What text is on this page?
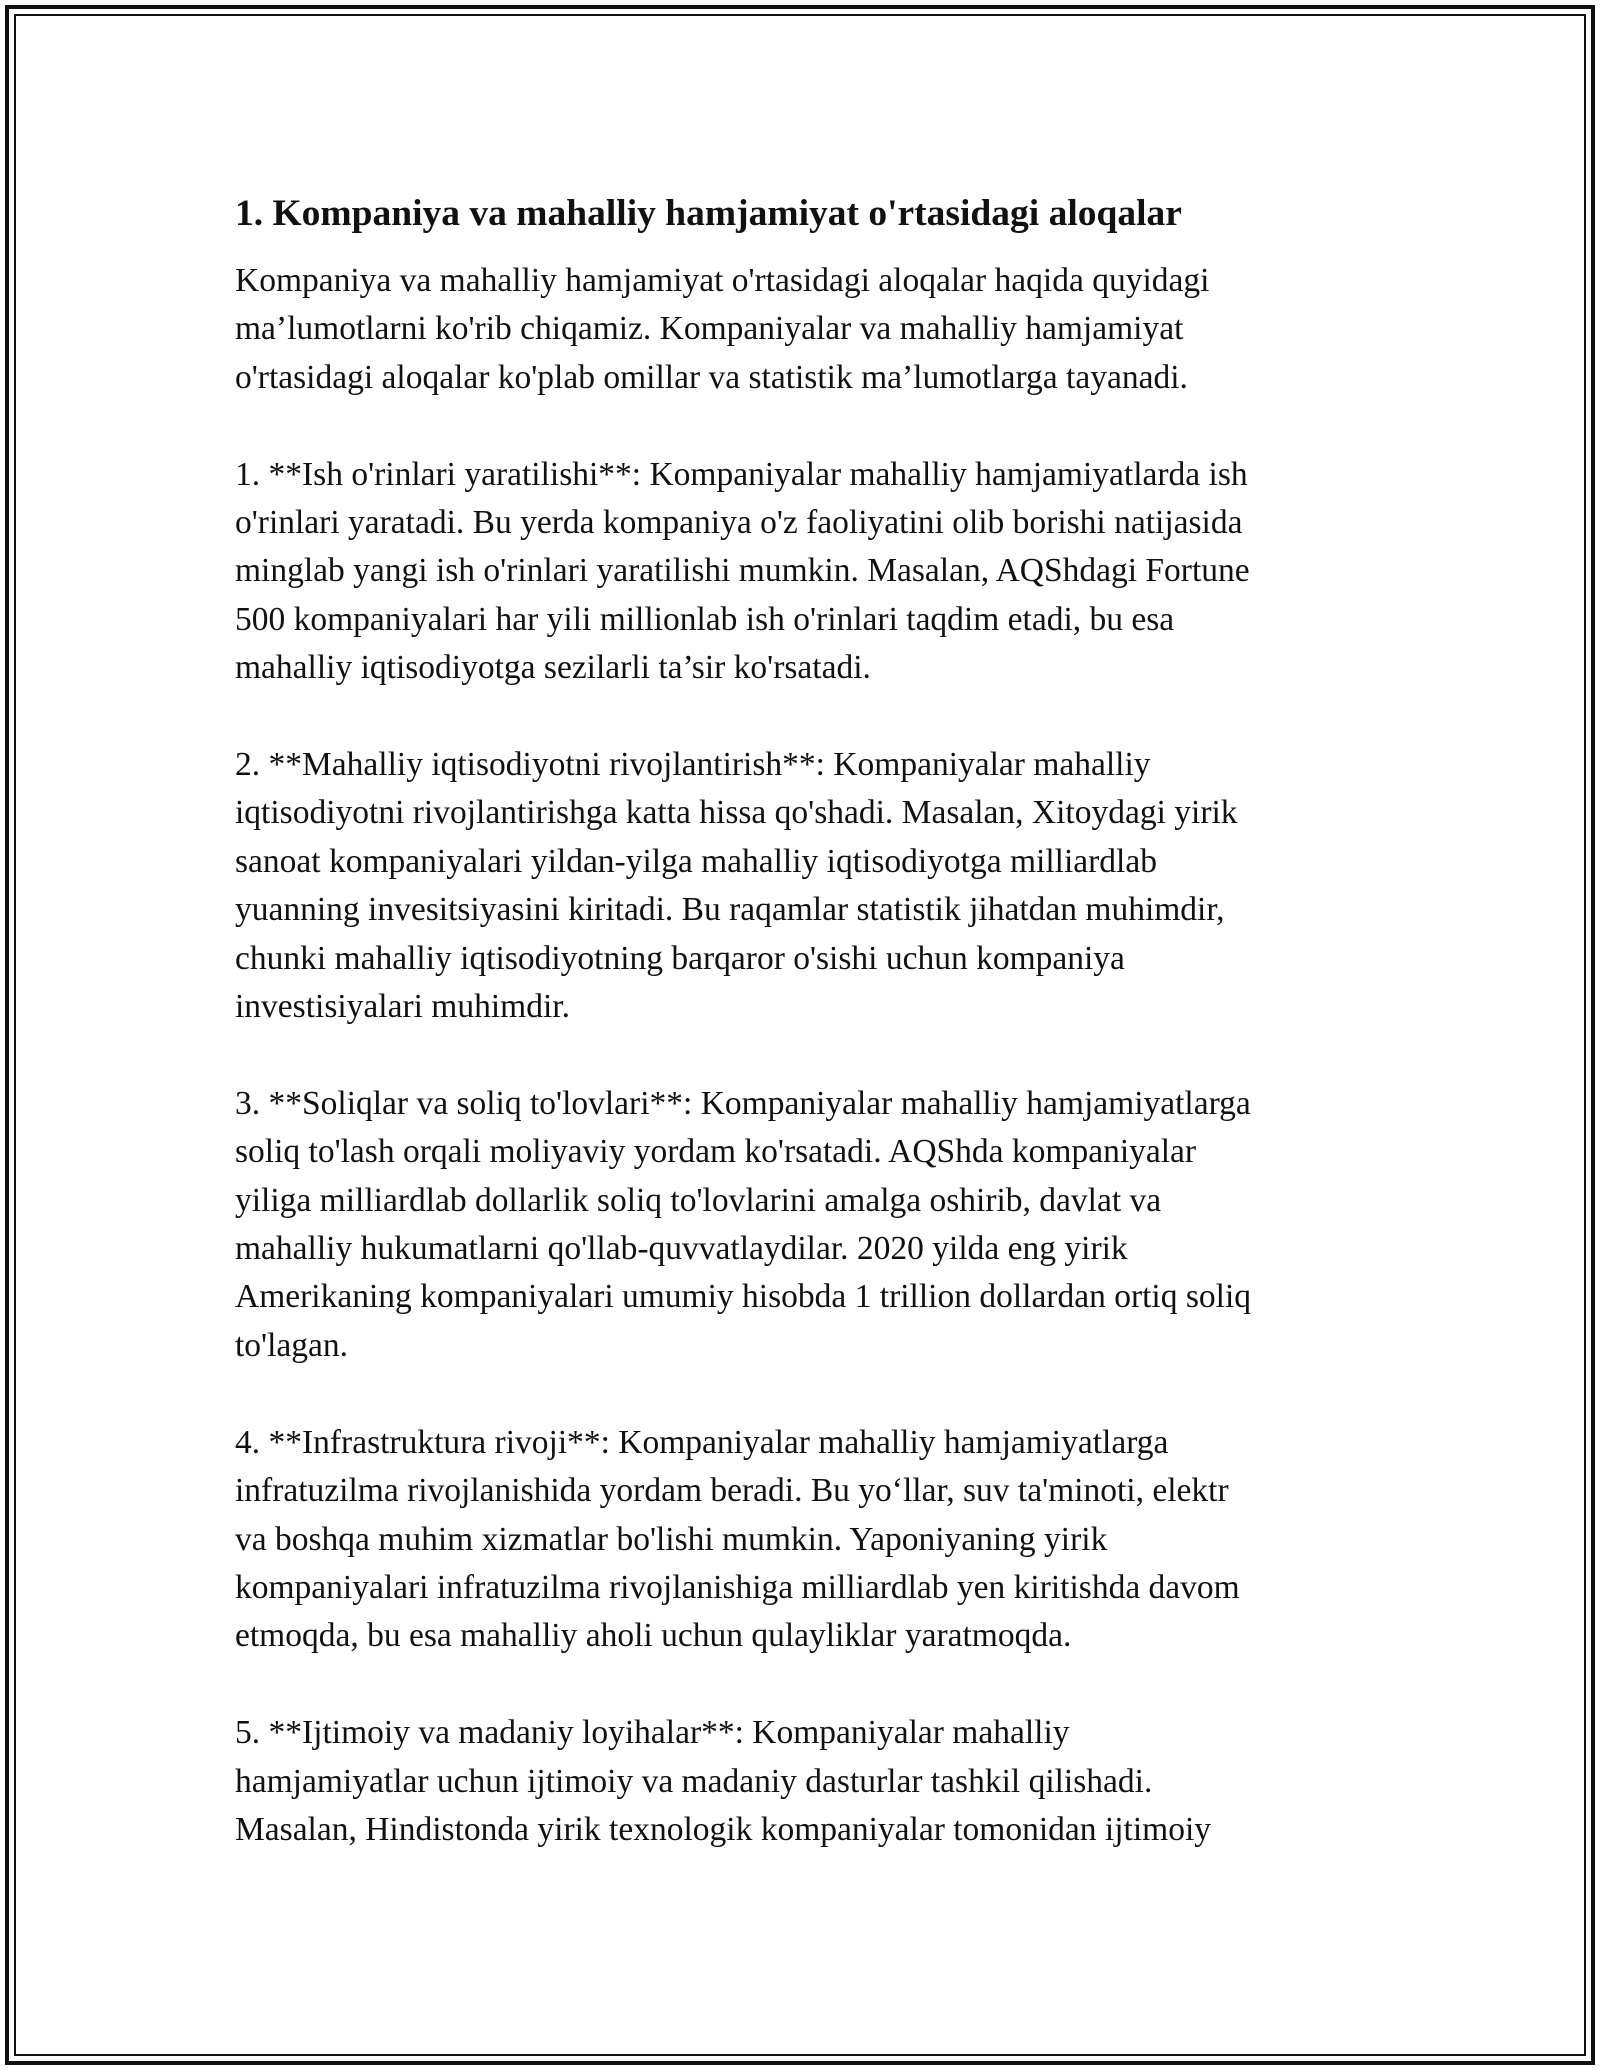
1. Kompaniya va mahalliy hamjamiyat o'rtasidagi aloqalar
Kompaniya va mahalliy hamjamiyat o'rtasidagi aloqalar haqida quyidagi
ma’lumotlarni ko'rib chiqamiz. Kompaniyalar va mahalliy hamjamiyat
o'rtasidagi aloqalar ko'plab omillar va statistik ma’lumotlarga tayanadi.
1. **Ish o'rinlari yaratilishi**: Kompaniyalar mahalliy hamjamiyatlarda ish
o'rinlari yaratadi. Bu yerda kompaniya o'z faoliyatini olib borishi natijasida
minglab yangi ish o'rinlari yaratilishi mumkin. Masalan, AQShdagi Fortune
500 kompaniyalari har yili millionlab ish o'rinlari taqdim etadi, bu esa
mahalliy iqtisodiyotga sezilarli ta’sir ko'rsatadi.
2. **Mahalliy iqtisodiyotni rivojlantirish**: Kompaniyalar mahalliy
iqtisodiyotni rivojlantirishga katta hissa qo'shadi. Masalan, Xitoydagi yirik
sanoat kompaniyalari yildan-yilga mahalliy iqtisodiyotga milliardlab
yuanning invesitsiyasini kiritadi. Bu raqamlar statistik jihatdan muhimdir,
chunki mahalliy iqtisodiyotning barqaror o'sishi uchun kompaniya
investisiyalari muhimdir.
3. **Soliqlar va soliq to'lovlari**: Kompaniyalar mahalliy hamjamiyatlarga
soliq to'lash orqali moliyaviy yordam ko'rsatadi. AQShda kompaniyalar
yiliga milliardlab dollarlik soliq to'lovlarini amalga oshirib, davlat va
mahalliy hukumatlarni qo'llab-quvvatlaydilar. 2020 yilda eng yirik
Amerikaning kompaniyalari umumiy hisobda 1 trillion dollardan ortiq soliq
to'lagan.
4. **Infrastruktura rivoji**: Kompaniyalar mahalliy hamjamiyatlarga
infratuzilma rivojlanishida yordam beradi. Bu yo‘llar, suv ta'minoti, elektr
va boshqa muhim xizmatlar bo'lishi mumkin. Yaponiyaning yirik
kompaniyalari infratuzilma rivojlanishiga milliardlab yen kiritishda davom
etmoqda, bu esa mahalliy aholi uchun qulayliklar yaratmoqda.
5. **Ijtimoiy va madaniy loyihalar**: Kompaniyalar mahalliy
hamjamiyatlar uchun ijtimoiy va madaniy dasturlar tashkil qilishadi.
Masalan, Hindistonda yirik texnologik kompaniyalar tomonidan ijtimoiy
